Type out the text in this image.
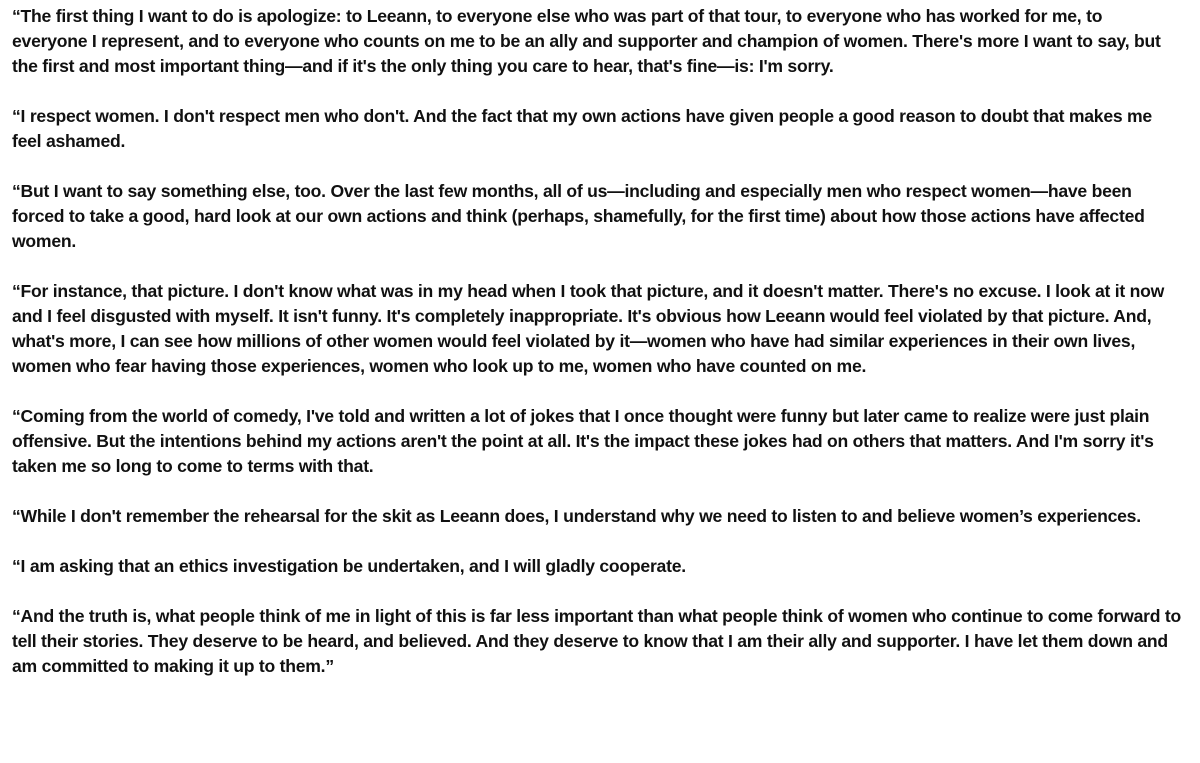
“The first thing I want to do is apologize: to Leeann, to everyone else who was part of that tour, to everyone who has worked for me, to everyone I represent, and to everyone who counts on me to be an ally and supporter and champion of women. There's more I want to say, but the first and most important thing—and if it's the only thing you care to hear, that's fine—is: I'm sorry.

“I respect women. I don't respect men who don't. And the fact that my own actions have given people a good reason to doubt that makes me feel ashamed.

“But I want to say something else, too. Over the last few months, all of us—including and especially men who respect women—have been forced to take a good, hard look at our own actions and think (perhaps, shamefully, for the first time) about how those actions have affected women.

“For instance, that picture. I don't know what was in my head when I took that picture, and it doesn't matter. There's no excuse. I look at it now and I feel disgusted with myself. It isn't funny. It's completely inappropriate. It's obvious how Leeann would feel violated by that picture. And, what's more, I can see how millions of other women would feel violated by it—women who have had similar experiences in their own lives, women who fear having those experiences, women who look up to me, women who have counted on me.

“Coming from the world of comedy, I've told and written a lot of jokes that I once thought were funny but later came to realize were just plain offensive. But the intentions behind my actions aren't the point at all. It's the impact these jokes had on others that matters. And I'm sorry it's taken me so long to come to terms with that.

“While I don't remember the rehearsal for the skit as Leeann does, I understand why we need to listen to and believe women’s experiences.

“I am asking that an ethics investigation be undertaken, and I will gladly cooperate.

“And the truth is, what people think of me in light of this is far less important than what people think of women who continue to come forward to tell their stories. They deserve to be heard, and believed. And they deserve to know that I am their ally and supporter. I have let them down and am committed to making it up to them.”
